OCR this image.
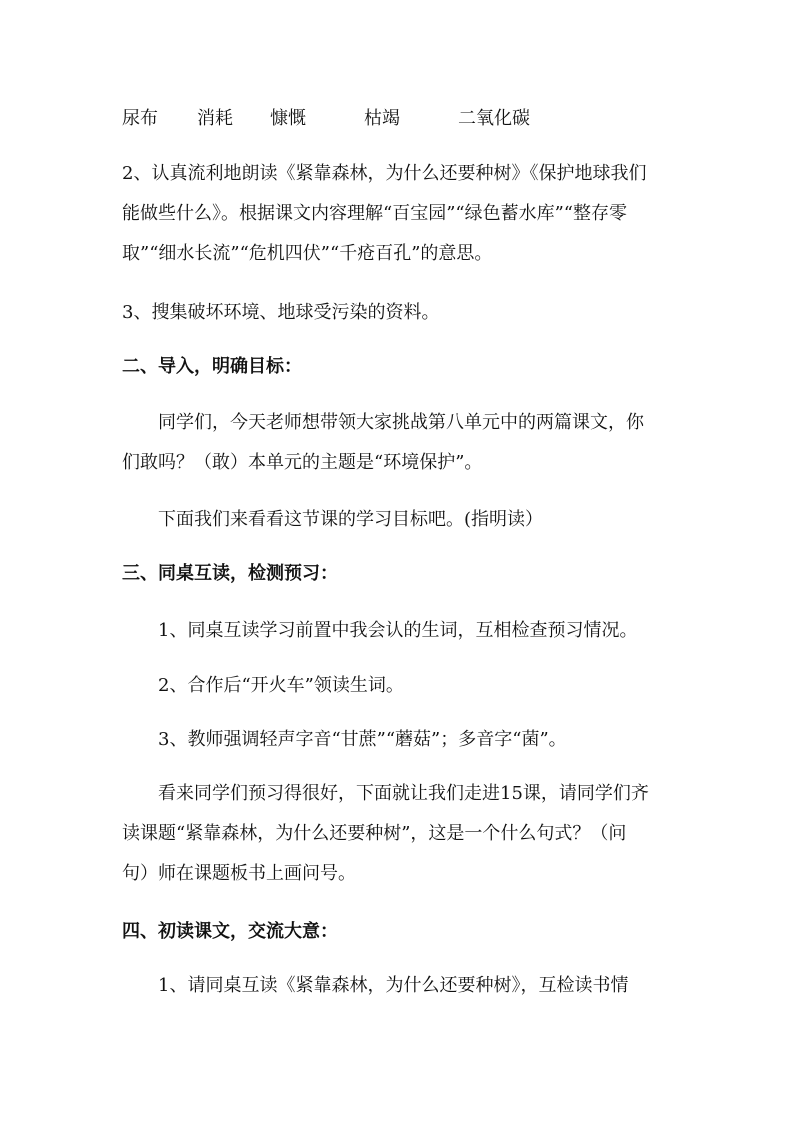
尿布 消耗 慷慨	枯竭	二氧化碳

2、认真流利地朗读《紧靠森林，为什么还要种树》《保护地球我们

能做些什么》。根据课文内容理解“百宝园”“绿色蓄水库”“整存零

取”“细水长流”“危机四伏”“千疮百孔”的意思。

3、搜集破坏环境、地球受污染的资料。

二、导入，明确目标：

同学们，今天老师想带领大家挑战第八单元中的两篇课文，你

们敢吗？（敢）本单元的主题是“环境保护”。

下面我们来看看这节课的学习目标吧。(指明读）

三、同桌互读，检测预习：

1、同桌互读学习前置中我会认的生词，互相检查预习情况。

2、合作后“开火车”领读生词。

3、教师强调轻声字音“甘蔗”“蘑菇”；多音字“菌”。

看来同学们预习得很好，下面就让我们走进15课，请同学们齐

读课题“紧靠森林，为什么还要种树”，这是一个什么句式？（问

句）师在课题板书上画问号。

四、初读课文，交流大意：

1、请同桌互读《紧靠森林，为什么还要种树》，互检读书情
